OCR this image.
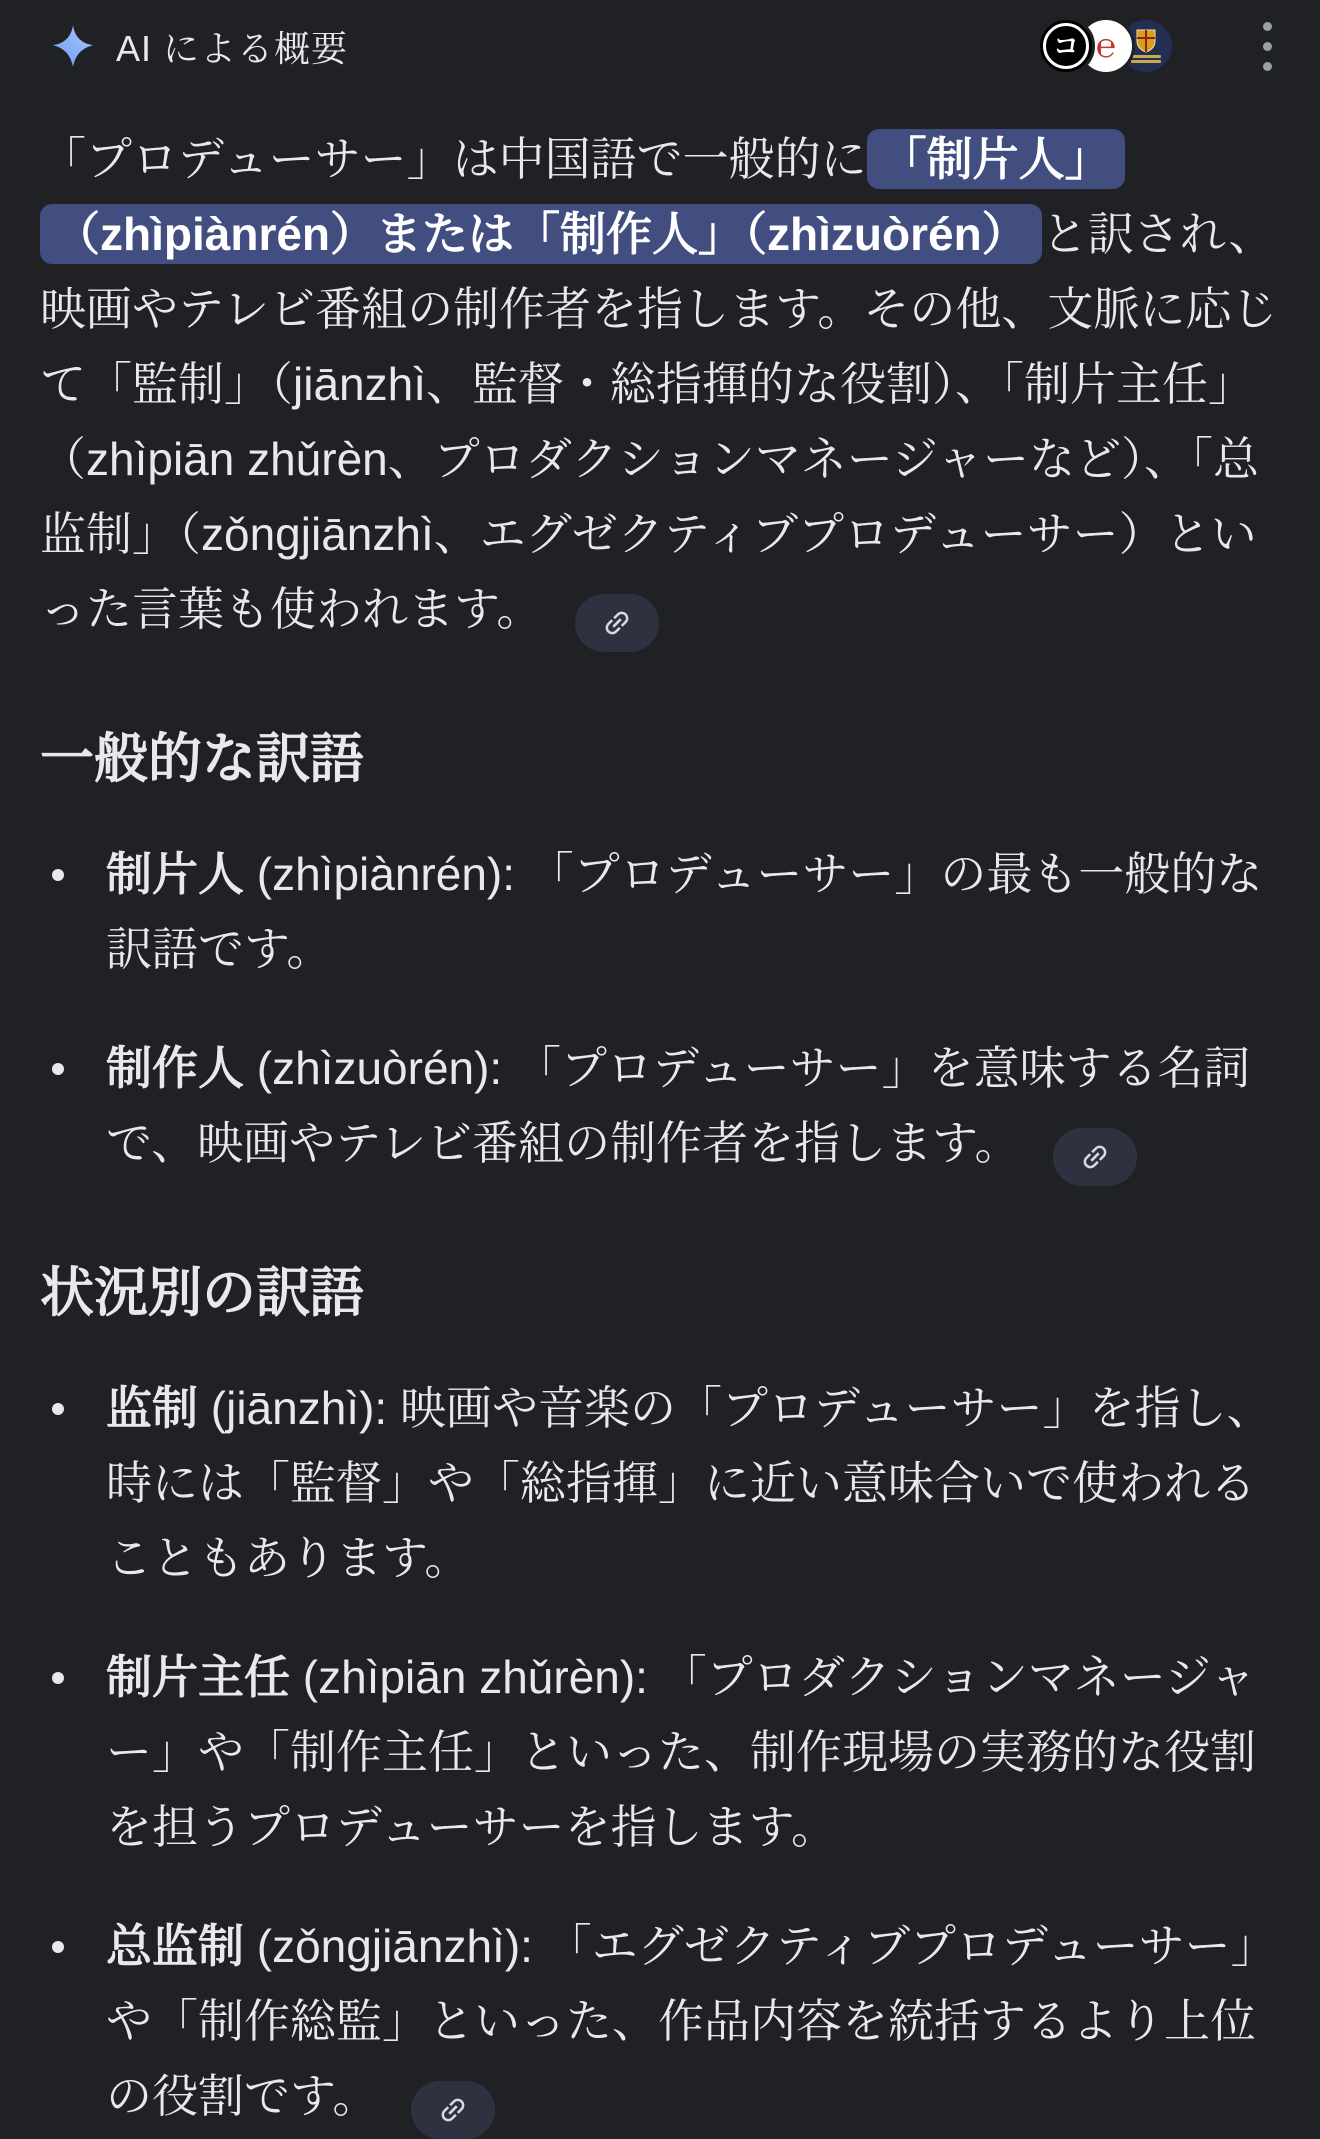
AI による概要	コ ℮

「プロデューサー」は中国語で一般的に 「制片人」（zhìpiànrén）または「制作人」（zhìzuòrén） と訳され、映画やテレビ番組の制作者を指します。その他、文脈に応じて「監制」（jiānzhì、監督・総指揮的な役割）、「制片主任」（zhìpiān zhǔrèn、プロダクションマネージャーなど）、「总监制」（zǒngjiānzhì、エグゼクティブプロデューサー）といった言葉も使われます。

一般的な訳語
制片人 (zhìpiànrén): 「プロデューサー」の最も一般的な訳語です。
制作人 (zhìzuòrén): 「プロデューサー」を意味する名詞で、映画やテレビ番組の制作者を指します。
状況別の訳語
监制 (jiānzhì): 映画や音楽の「プロデューサー」を指し、時には「監督」や「総指揮」に近い意味合いで使われることもあります。
制片主任 (zhìpiān zhǔrèn): 「プロダクションマネージャー」や「制作主任」といった、制作現場の実務的な役割を担うプロデューサーを指します。
总监制 (zǒngjiānzhì): 「エグゼクティブプロデューサー」や「制作総監」といった、作品内容を統括するより上位の役割です。
